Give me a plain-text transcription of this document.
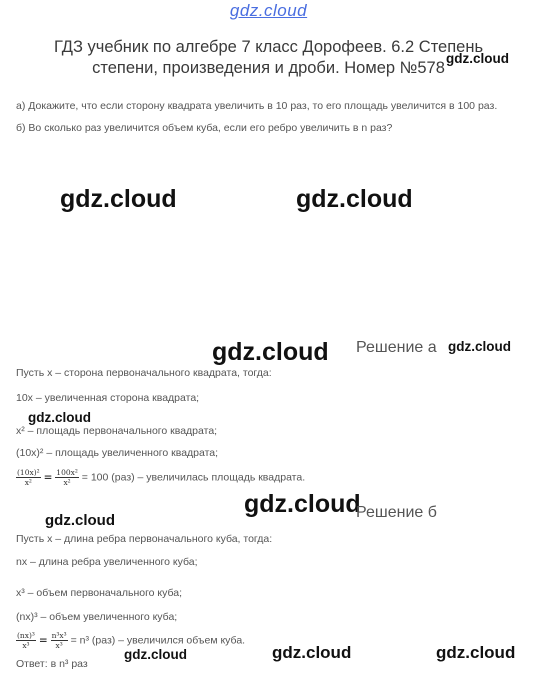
gdz.cloud
ГДЗ учебник по алгебре 7 класс Дорофеев. 6.2 Степень
степени, произведения и дроби. Номер №578
gdz.cloud
а) Докажите, что если сторону квадрата увеличить в 10 раз, то его площадь увеличится в 100 раз.
б) Во сколько раз увеличится объем куба, если его ребро увеличить в n раз?
gdz.cloud	gdz.cloud
gdz.cloud Решение а gdz.cloud
Пусть x – сторона первоначального квадрата, тогда:
10x – увеличенная сторона квадрата;
gdz.cloud
x² – площадь первоначального квадрата;
(10x)² – площадь увеличенного квадрата;
$\frac{\text{(10x)²}}{\text{x²}} = \frac{\text{100x²}}{\text{x²}} = 100$ (раз) – увеличилась площадь квадрата.
gdz.cloud
Решение б
gdz.cloud
Пусть x – длина ребра первоначального куба, тогда:
nx – длина ребра увеличенного куба;
x³ – объем первоначального куба;
(nx)³ – объем увеличенного куба;
$\frac{\text{(nx)³}}{\text{x³}} = \frac{\text{n³x³}}{\text{x³}} = n^3$ (раз) – увеличился объем куба.
gdz.cloud	gdz.cloud	gdz.cloud
Ответ: в n³ раз
